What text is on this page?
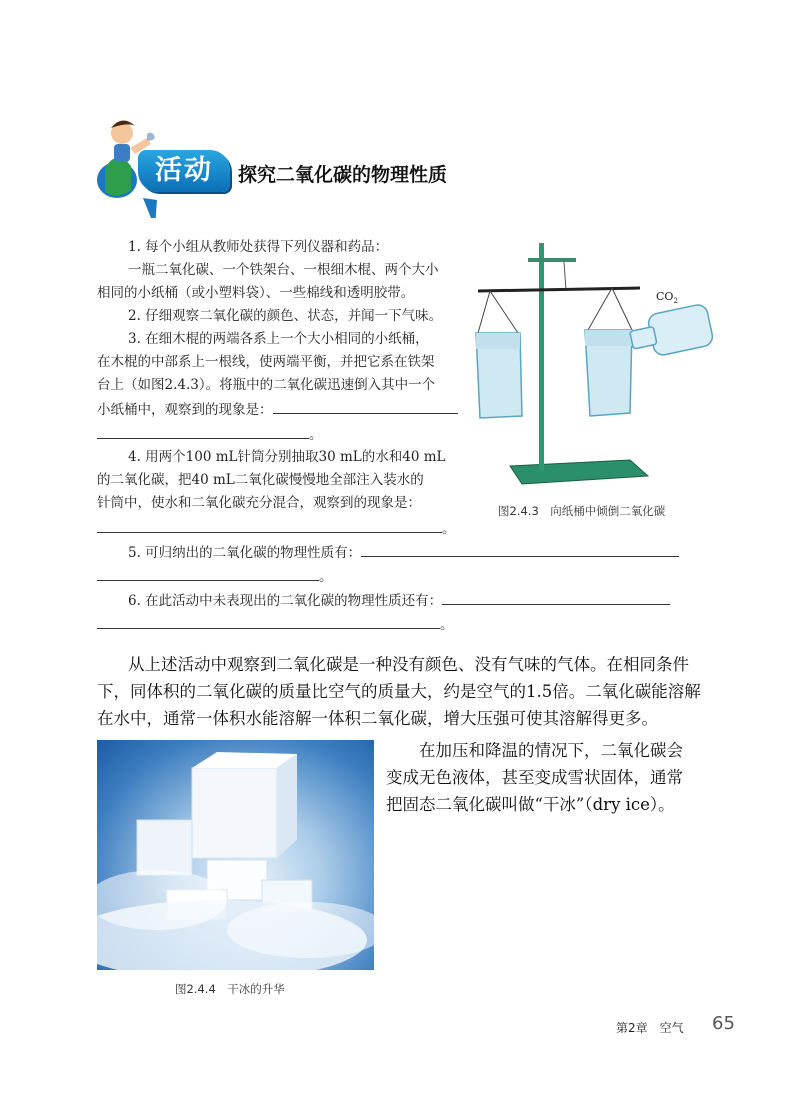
活动	探究二氧化碳的物理性质
1. 每个小组从教师处获得下列仪器和药品：
一瓶二氧化碳、一个铁架台、一根细木棍、两个大小
相同的小纸桶（或小塑料袋）、一些棉线和透明胶带。
2. 仔细观察二氧化碳的颜色、状态，并闻一下气味。
3. 在细木棍的两端各系上一个大小相同的小纸桶，
在木棍的中部系上一根线，使两端平衡，并把它系在铁架
台上（如图2.4.3）。将瓶中的二氧化碳迅速倒入其中一个
小纸桶中，观察到的现象是：
。
4. 用两个100 mL针筒分别抽取30 mL的水和40 mL
的二氧化碳，把40 mL二氧化碳慢慢地全部注入装水的
针筒中，使水和二氧化碳充分混合，观察到的现象是：
。
5. 可归纳出的二氧化碳的物理性质有：
。
6. 在此活动中未表现出的二氧化碳的物理性质还有：
。
$CO_2$
图2.4.3　向纸桶中倾倒二氧化碳
从上述活动中观察到二氧化碳是一种没有颜色、没有气味的气体。在相同条件
下，同体积的二氧化碳的质量比空气的质量大，约是空气的1.5倍。二氧化碳能溶解
在水中，通常一体积水能溶解一体积二氧化碳，增大压强可使其溶解得更多。
在加压和降温的情况下，二氧化碳会
变成无色液体，甚至变成雪状固体，通常
把固态二氧化碳叫做“干冰”（dry ice）。
图2.4.4　干冰的升华
第2章　空气 65
